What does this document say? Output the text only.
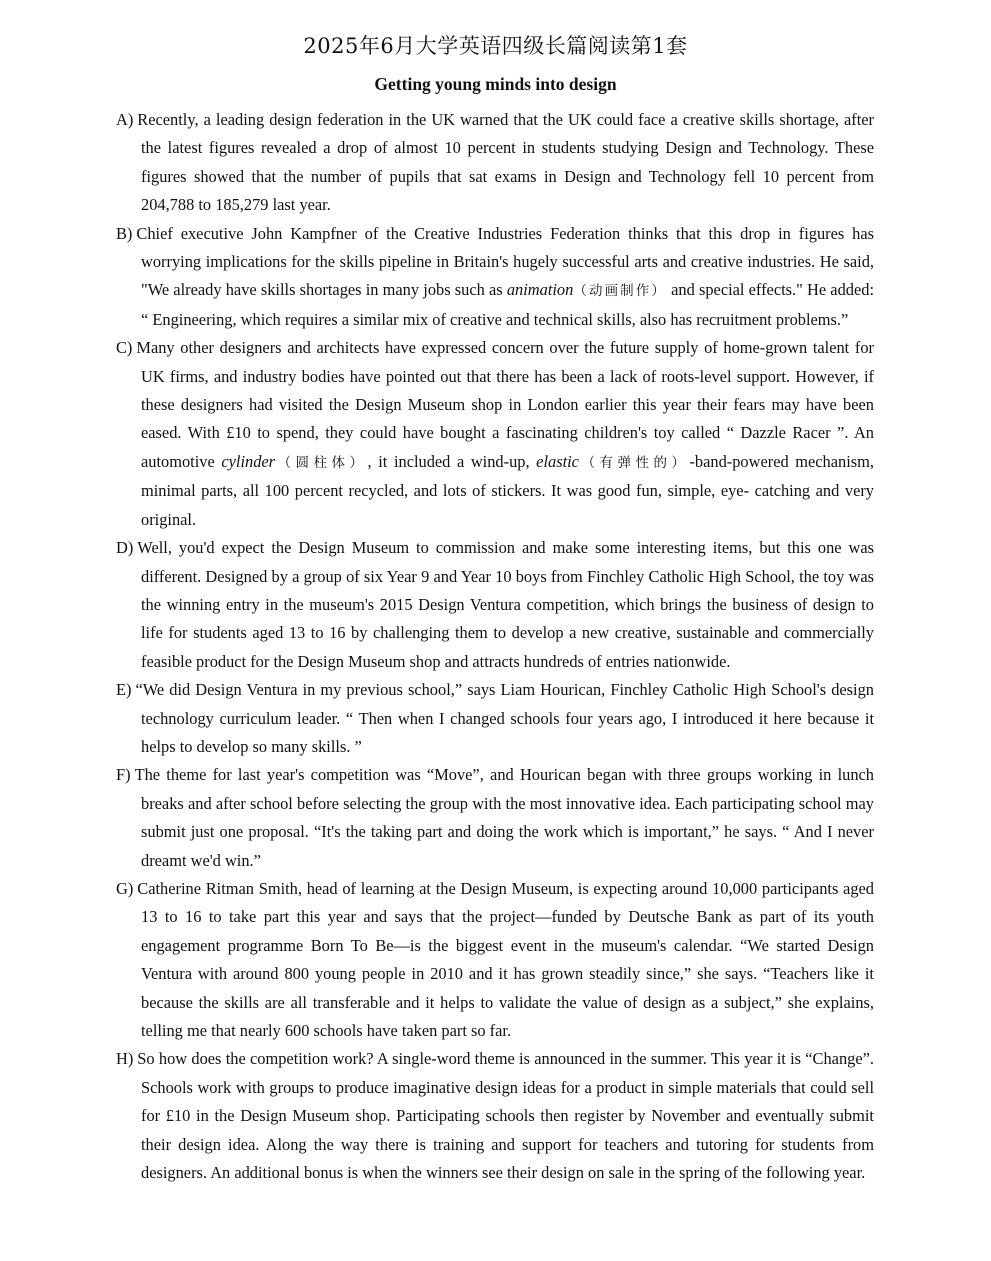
2025年6月大学英语四级长篇阅读第1套
Getting young minds into design

A) Recently, a leading design federation in the UK warned that the UK could face a creative skills shortage, after the latest figures revealed a drop of almost 10 percent in students studying Design and Technology. These figures showed that the number of pupils that sat exams in Design and Technology fell 10 percent from 204,788 to 185,279 last year.

B) Chief executive John Kampfner of the Creative Industries Federation thinks that this drop in figures has worrying implications for the skills pipeline in Britain's hugely successful arts and creative industries. He said, "We already have skills shortages in many jobs such as animation（动画制作） and special effects." He added: “ Engineering, which requires a similar mix of creative and technical skills, also has recruitment problems.”

C) Many other designers and architects have expressed concern over the future supply of home-grown talent for UK firms, and industry bodies have pointed out that there has been a lack of roots-level support. However, if these designers had visited the Design Museum shop in London earlier this year their fears may have been eased. With £10 to spend, they could have bought a fascinating children's toy called “ Dazzle Racer ”. An automotive cylinder（圆柱体）, it included a wind-up, elastic（有弹性的）-band-powered mechanism, minimal parts, all 100 percent recycled, and lots of stickers. It was good fun, simple, eye- catching and very original.

D) Well, you'd expect the Design Museum to commission and make some interesting items, but this one was different. Designed by a group of six Year 9 and Year 10 boys from Finchley Catholic High School, the toy was the winning entry in the museum's 2015 Design Ventura competition, which brings the business of design to life for students aged 13 to 16 by challenging them to develop a new creative, sustainable and commercially feasible product for the Design Museum shop and attracts hundreds of entries nationwide.

E) “We did Design Ventura in my previous school,” says Liam Hourican, Finchley Catholic High School's design technology curriculum leader. “ Then when I changed schools four years ago, I introduced it here because it helps to develop so many skills. ”

F) The theme for last year's competition was “Move”, and Hourican began with three groups working in lunch breaks and after school before selecting the group with the most innovative idea. Each participating school may submit just one proposal. “It's the taking part and doing the work which is important,” he says. “ And I never dreamt we'd win.”

G) Catherine Ritman Smith, head of learning at the Design Museum, is expecting around 10,000 participants aged 13 to 16 to take part this year and says that the project—funded by Deutsche Bank as part of its youth engagement programme Born To Be—is the biggest event in the museum's calendar. “We started Design Ventura with around 800 young people in 2010 and it has grown steadily since,” she says. “Teachers like it because the skills are all transferable and it helps to validate the value of design as a subject,” she explains, telling me that nearly 600 schools have taken part so far.

H) So how does the competition work? A single-word theme is announced in the summer. This year it is “Change”. Schools work with groups to produce imaginative design ideas for a product in simple materials that could sell for £10 in the Design Museum shop. Participating schools then register by November and eventually submit their design idea. Along the way there is training and support for teachers and tutoring for students from designers. An additional bonus is when the winners see their design on sale in the spring of the following year.
